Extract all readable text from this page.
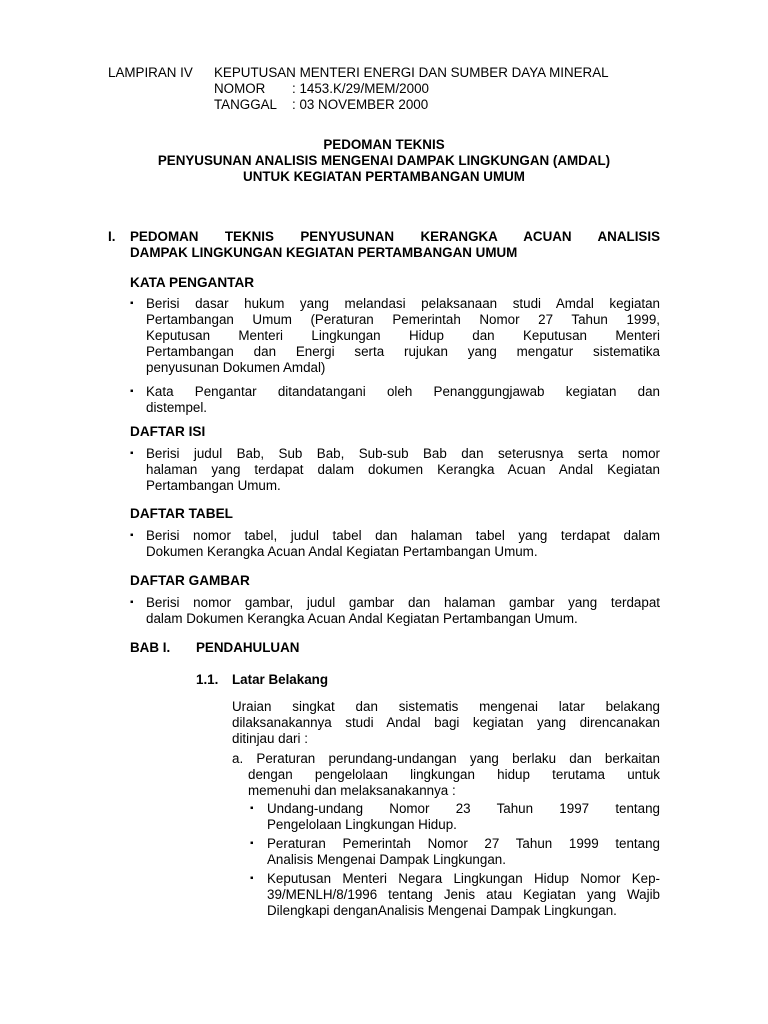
LAMPIRAN IV	KEPUTUSAN MENTERI ENERGI DAN SUMBER DAYA MINERAL
NOMOR	: 1453.K/29/MEM/2000
TANGGAL	: 03 NOVEMBER 2000
PEDOMAN TEKNIS
PENYUSUNAN ANALISIS MENGENAI DAMPAK LINGKUNGAN (AMDAL)
UNTUK KEGIATAN PERTAMBANGAN UMUM
I. PEDOMAN TEKNIS PENYUSUNAN KERANGKA ACUAN ANALISIS
DAMPAK LINGKUNGAN KEGIATAN PERTAMBANGAN UMUM
KATA PENGANTAR
▪ Berisi dasar hukum yang melandasi pelaksanaan studi Amdal kegiatan
Pertambangan Umum (Peraturan Pemerintah Nomor 27 Tahun 1999,
Keputusan Menteri Lingkungan Hidup dan Keputusan Menteri
Pertambangan dan Energi serta rujukan yang mengatur sistematika
penyusunan Dokumen Amdal)
▪ Kata Pengantar ditandatangani oleh Penanggungjawab kegiatan dan
distempel.
DAFTAR ISI
▪ Berisi judul Bab, Sub Bab, Sub-sub Bab dan seterusnya serta nomor
halaman yang terdapat dalam dokumen Kerangka Acuan Andal Kegiatan
Pertambangan Umum.
DAFTAR TABEL
▪ Berisi nomor tabel, judul tabel dan halaman tabel yang terdapat dalam
Dokumen Kerangka Acuan Andal Kegiatan Pertambangan Umum.
DAFTAR GAMBAR
▪ Berisi nomor gambar, judul gambar dan halaman gambar yang terdapat
dalam Dokumen Kerangka Acuan Andal Kegiatan Pertambangan Umum.
BAB I.	PENDAHULUAN
1.1.	Latar Belakang
Uraian singkat dan sistematis mengenai latar belakang
dilaksanakannya studi Andal bagi kegiatan yang direncanakan
ditinjau dari :
a. Peraturan perundang-undangan yang berlaku dan berkaitan
dengan pengelolaan lingkungan hidup terutama untuk
memenuhi dan melaksanakannya :
▪ Undang-undang Nomor 23 Tahun 1997 tentang
Pengelolaan Lingkungan Hidup.
▪ Peraturan Pemerintah Nomor 27 Tahun 1999 tentang
Analisis Mengenai Dampak Lingkungan.
▪ Keputusan Menteri Negara Lingkungan Hidup Nomor Kep-
39/MENLH/8/1996 tentang Jenis atau Kegiatan yang Wajib
Dilengkapi denganAnalisis Mengenai Dampak Lingkungan.
